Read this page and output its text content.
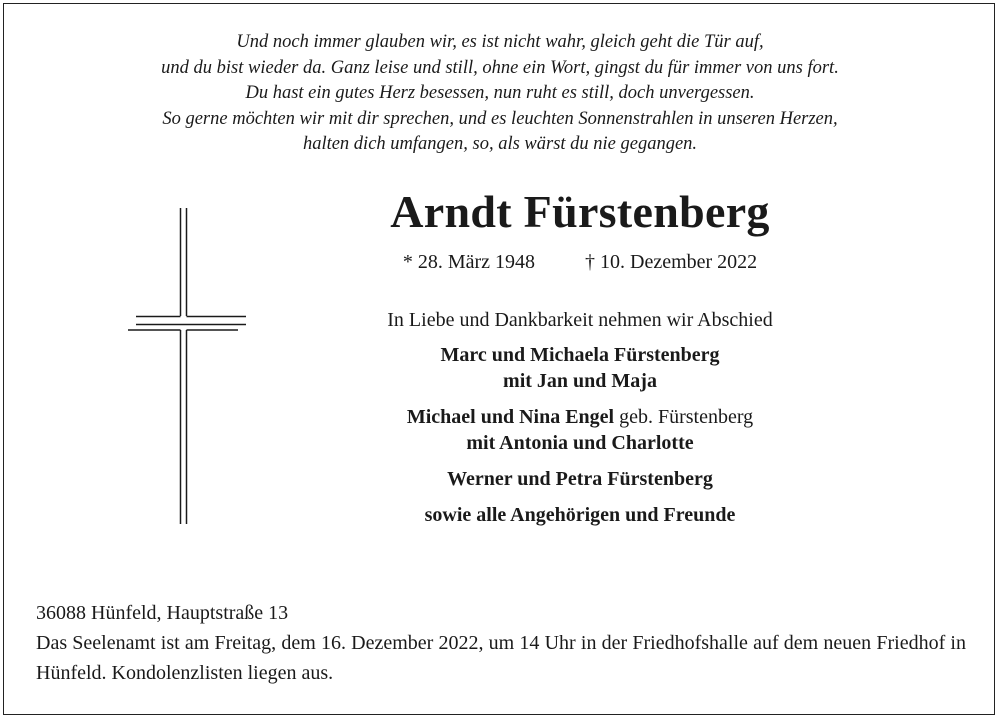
Und noch immer glauben wir, es ist nicht wahr, gleich geht die Tür auf,
und du bist wieder da. Ganz leise und still, ohne ein Wort, gingst du für immer von uns fort.
Du hast ein gutes Herz besessen, nun ruht es still, doch unvergessen.
So gerne möchten wir mit dir sprechen, und es leuchten Sonnenstrahlen in unseren Herzen,
halten dich umfangen, so, als wärst du nie gegangen.
Arndt Fürstenberg
* 28. März 1948	† 10. Dezember 2022
In Liebe und Dankbarkeit nehmen wir Abschied
Marc und Michaela Fürstenberg
mit Jan und Maja
Michael und Nina Engel geb. Fürstenberg
mit Antonia und Charlotte
Werner und Petra Fürstenberg
sowie alle Angehörigen und Freunde
36088 Hünfeld, Hauptstraße 13
Das Seelenamt ist am Freitag, dem 16. Dezember 2022, um 14 Uhr in der Friedhofshalle auf dem neuen Friedhof in Hünfeld. Kondolenzlisten liegen aus.
